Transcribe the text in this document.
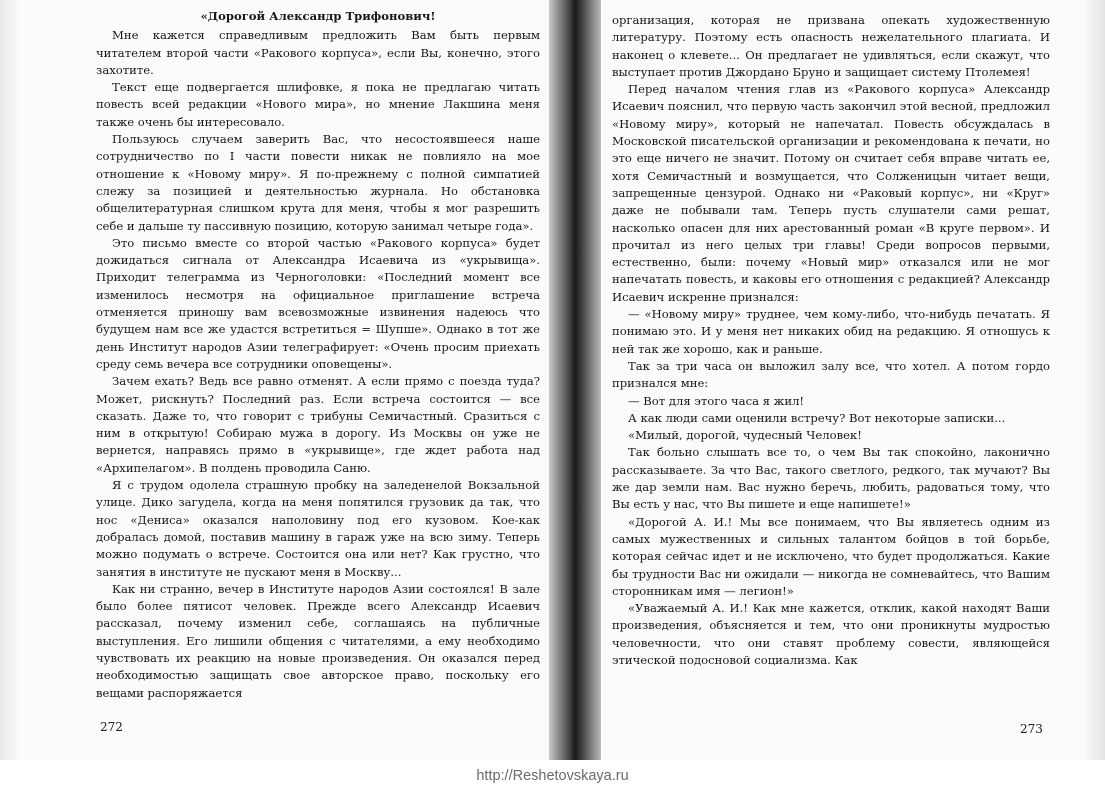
«Дорогой Александр Трифонович!

Мне кажется справедливым предложить Вам быть первым читателем второй части «Ракового корпуса», если Вы, конечно, этого захотите.

Текст еще подвергается шлифовке, я пока не предлагаю читать повесть всей редакции «Нового мира», но мнение Лакшина меня также очень бы интересовало.

Пользуюсь случаем заверить Вас, что несостоявшееся наше сотрудничество по I части повести никак не повлияло на мое отношение к «Новому миру». Я по-прежнему с полной симпатией слежу за позицией и деятельностью журнала. Но обстановка общелитературная слишком крута для меня, чтобы я мог разрешить себе и дальше ту пассивную позицию, которую занимал четыре года».

Это письмо вместе со второй частью «Ракового корпуса» будет дожидаться сигнала от Александра Исаевича из «укрывища». Приходит телеграмма из Черноголовки: «Последний момент все изменилось несмотря на официальное приглашение встреча отменяется приношу вам всевозможные извинения надеюсь что будущем нам все же удастся встретиться = Шупше». Однако в тот же день Институт народов Азии телеграфирует: «Очень просим приехать среду семь вечера все сотрудники оповещены».

Зачем ехать? Ведь все равно отменят. А если прямо с поезда туда? Может, рискнуть? Последний раз. Если встреча состоится — все сказать. Даже то, что говорит с трибуны Семичастный. Сразиться с ним в открытую! Собираю мужа в дорогу. Из Москвы он уже не вернется, направясь прямо в «укрывище», где ждет работа над «Архипелагом». В полдень проводила Саню.

Я с трудом одолела страшную пробку на заледенелой Вокзальной улице. Дико загудела, когда на меня попятился грузовик да так, что нос «Дениса» оказался наполовину под его кузовом. Кое-как добралась домой, поставив машину в гараж уже на всю зиму. Теперь можно подумать о встрече. Состоится она или нет? Как грустно, что занятия в институте не пускают меня в Москву...

Как ни странно, вечер в Институте народов Азии состоялся! В зале было более пятисот человек. Прежде всего Александр Исаевич рассказал, почему изменил себе, соглашаясь на публичные выступления. Его лишили общения с читателями, а ему необходимо чувствовать их реакцию на новые произведения. Он оказался перед необходимостью защищать свое авторское право, поскольку его вещами распоряжается

272

организация, которая не призвана опекать художественную литературу. Поэтому есть опасность нежелательного плагиата. И наконец о клевете... Он предлагает не удивляться, если скажут, что выступает против Джордано Бруно и защищает систему Птолемея!

Перед началом чтения глав из «Ракового корпуса» Александр Исаевич пояснил, что первую часть закончил этой весной, предложил «Новому миру», который не напечатал. Повесть обсуждалась в Московской писательской организации и рекомендована к печати, но это еще ничего не значит. Потому он считает себя вправе читать ее, хотя Семичастный и возмущается, что Солженицын читает вещи, запрещенные цензурой. Однако ни «Раковый корпус», ни «Круг» даже не побывали там. Теперь пусть слушатели сами решат, насколько опасен для них арестованный роман «В круге первом». И прочитал из него целых три главы! Среди вопросов первыми, естественно, были: почему «Новый мир» отказался или не мог напечатать повесть, и каковы его отношения с редакцией? Александр Исаевич искренне признался:

— «Новому миру» труднее, чем кому-либо, что-нибудь печатать. Я понимаю это. И у меня нет никаких обид на редакцию. Я отношусь к ней так же хорошо, как и раньше.

Так за три часа он выложил залу все, что хотел. А потом гордо признался мне:

— Вот для этого часа я жил!

А как люди сами оценили встречу? Вот некоторые записки...

«Милый, дорогой, чудесный Человек!

Так больно слышать все то, о чем Вы так спокойно, лаконично рассказываете. За что Вас, такого светлого, редкого, так мучают? Вы же дар земли нам. Вас нужно беречь, любить, радоваться тому, что Вы есть у нас, что Вы пишете и еще напишете!»

«Дорогой А. И.! Мы все понимаем, что Вы являетесь одним из самых мужественных и сильных талантом бойцов в той борьбе, которая сейчас идет и не исключено, что будет продолжаться. Какие бы трудности Вас ни ожидали — никогда не сомневайтесь, что Вашим сторонникам имя — легион!»

«Уважаемый А. И.! Как мне кажется, отклик, какой находят Ваши произведения, объясняется и тем, что они проникнуты мудростью человечности, что они ставят проблему совести, являющейся этической подосновой социализма. Как

273
http://Reshetovskaya.ru
